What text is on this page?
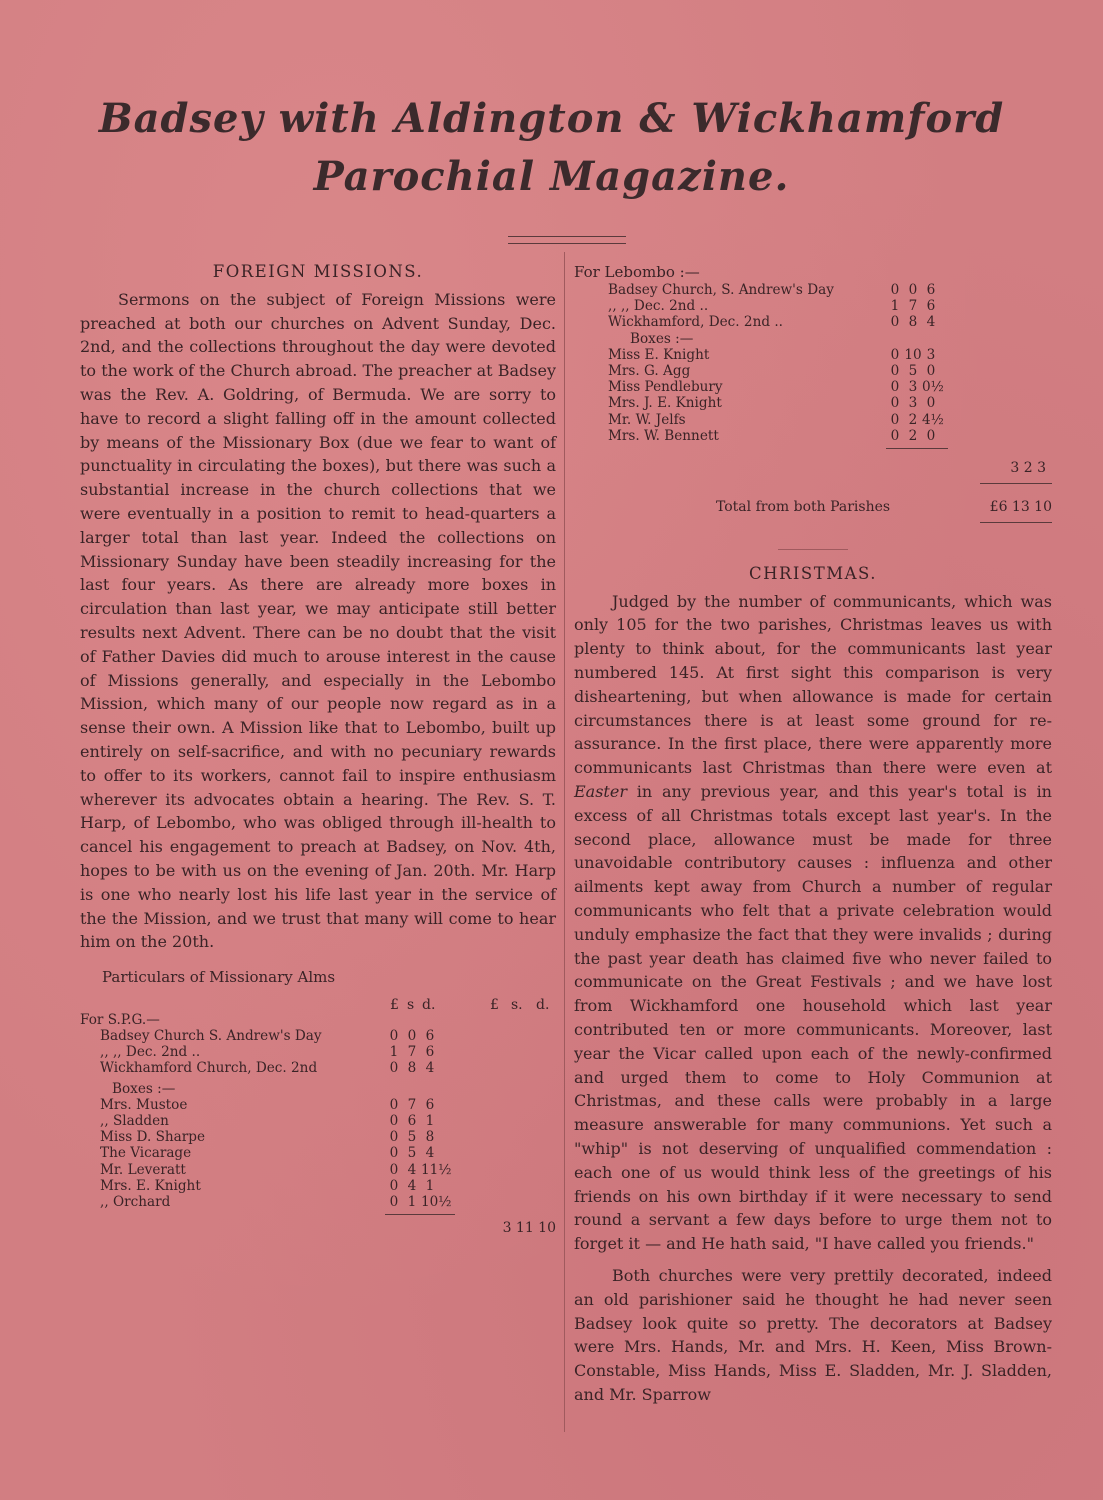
Badsey with Aldington & Wickhamford
Parochial Magazine.
FOREIGN MISSIONS.

Sermons on the subject of Foreign Missions were preached at both our churches on Advent Sunday, Dec. 2nd, and the collections throughout the day were devoted to the work of the Church abroad. The preacher at Badsey was the Rev. A. Goldring, of Bermuda. We are sorry to have to record a slight falling off in the amount collected by means of the Missionary Box (due we fear to want of punctuality in circulating the boxes), but there was such a substantial increase in the church collections that we were eventually in a position to remit to head-quarters a larger total than last year. Indeed the collections on Missionary Sunday have been steadily increasing for the last four years. As there are already more boxes in circulation than last year, we may anticipate still better results next Advent. There can be no doubt that the visit of Father Davies did much to arouse interest in the cause of Missions generally, and especially in the Lebombo Mission, which many of our people now regard as in a sense their own. A Mission like that to Lebombo, built up entirely on self-sacrifice, and with no pecuniary rewards to offer to its workers, cannot fail to inspire enthusiasm wherever its advocates obtain a hearing. The Rev. S. T. Harp, of Lebombo, who was obliged through ill-health to cancel his engagement to preach at Badsey, on Nov. 4th, hopes to be with us on the evening of Jan. 20th. Mr. Harp is one who nearly lost his life last year in the service of the the Mission, and we trust that many will come to hear him on the 20th.

Particulars of Missionary Alms
£ s d.	£ s. d.
For S.P.G.—
Badsey Church S. Andrew's Day	0 0 6
,, ,, Dec. 2nd ..	1 7 6
Wickhamford Church, Dec. 2nd	0 8 4
Boxes :—	
Mrs. Mustoe	0 7 6
,, Sladden	0 6 1
Miss D. Sharpe	0 5 8
The Vicarage	0 5 4
Mr. Leveratt	0 4 11½
Mrs. E. Knight	0 4 1
,, Orchard	0 1 10½
3 11 10
For Lebombo :—
Badsey Church, S. Andrew's Day	0 0 6
,, ,, Dec. 2nd ..	1 7 6
Wickhamford, Dec. 2nd ..	0 8 4
Boxes :—	
Miss E. Knight	0 10 3
Mrs. G. Agg	0 5 0
Miss Pendlebury	0 3 0½
Mrs. J. E. Knight	0 3 0
Mr. W. Jelfs	0 2 4½
Mrs. W. Bennett	0 2 0
3 2 3
Total from both Parishes	£6 13 10
CHRISTMAS.

Judged by the number of communicants, which was only 105 for the two parishes, Christmas leaves us with plenty to think about, for the communicants last year numbered 145. At first sight this comparison is very disheartening, but when allowance is made for certain circumstances there is at least some ground for re-assurance. In the first place, there were apparently more communicants last Christmas than there were even at Easter in any previous year, and this year's total is in excess of all Christmas totals except last year's. In the second place, allowance must be made for three unavoidable contributory causes : influenza and other ailments kept away from Church a number of regular communicants who felt that a private celebration would unduly emphasize the fact that they were invalids ; during the past year death has claimed five who never failed to communicate on the Great Festivals ; and we have lost from Wickhamford one household which last year contributed ten or more communicants. Moreover, last year the Vicar called upon each of the newly-confirmed and urged them to come to Holy Communion at Christmas, and these calls were probably in a large measure answerable for many communions. Yet such a "whip" is not deserving of unqualified commendation : each one of us would think less of the greetings of his friends on his own birthday if it were necessary to send round a servant a few days before to urge them not to forget it — and He hath said, "I have called you friends."

Both churches were very prettily decorated, indeed an old parishioner said he thought he had never seen Badsey look quite so pretty. The decorators at Badsey were Mrs. Hands, Mr. and Mrs. H. Keen, Miss Brown-Constable, Miss Hands, Miss E. Sladden, Mr. J. Sladden, and Mr. Sparrow
